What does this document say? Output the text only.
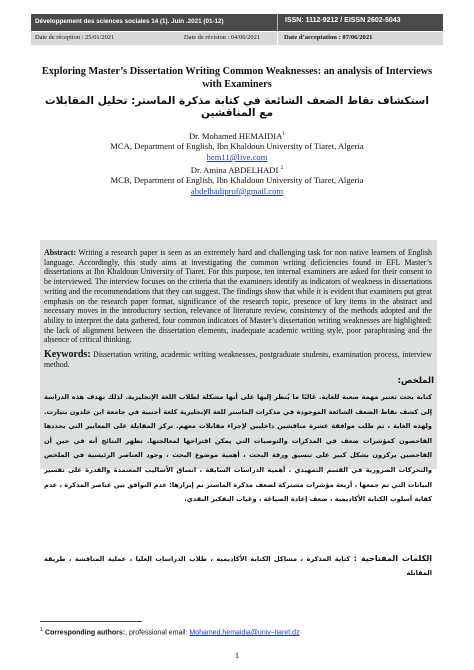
Développement des sciences sociales 14 (1). Juin .2021 (01-12)	ISSN: 1112-9212 / EISSN 2602-5043
Date de réception : 25/01/2021	Date de révision : 04/06/2021	Date d’acceptation : 07/06/2021
Exploring Master’s Dissertation Writing Common Weaknesses: an analysis of Interviews with Examiners
استكشاف نقاط الضعف الشائعة في كتابة مذكرة الماستر: تحليل المقابلات مع المناقشين
Dr. Mohamed HEMAIDIA$^1$
MCA, Department of English, Ibn Khaldoun University of Tiaret, Algeria
hem11@live.com
Dr. Amina ABDELHADI $^2$
MCB, Department of English, Ibn Khaldoun University of Tiaret, Algeria
abdelhadiprof@gmail.com
Abstract: Writing a research paper is seen as an extremely hard and challenging task for non native learners of English language. Accordingly, this study aims at investigating the common writing deficiencies found in EFL Master’s dissertations at Ibn Khaldoun University of Tiaret. For this purpose, ten internal examiners are asked for their consent to be interviewed. The interview focuses on the criteria that the examiners identify as indicators of weakness in dissertations writing and the recommendations that they can suggest. The findings show that while it is evident that examiners put great emphasis on the research paper format, significance of the research topic, presence of key items in the abstract and necessary moves in the introductory section, relevance of literature review, consistency of the methods adopted and the ability to interpret the data gathered, four common indicators of Master’s dissertation writing weaknesses are highlighted: the lack of alignment between the dissertation elements, inadequate academic writing style, poor paraphrasing and the absence of critical thinking.
Keywords: Dissertation writing, academic writing weaknesses, postgraduate students, examination process, interview method.
الملخص:
كتابة بحث تعتبر مهمة صعبة للغاية. غالبًا ما يُنظر إليها على أنها مشكلة لطلاب اللغة الإنجليزية. لذلك تهدف هذه الدراسة إلى كشف نقاط الضعف الشائعة الموجودة في مذكرات الماستر للغة الإنجليزية كلغة أجنبية في جامعة ابن خلدون بتيارت. ولهذه الغاية ، تم طلب موافقة عشرة مناقشين داخليين لإجراء مقابلات معهم. تركز المقابلة على المعايير التي يحددها الفاحصون كمؤشرات ضعف في المذكرات والتوصيات التي يمكن اقتراحها لمعالجتها. تظهر النتائج أنه في حين أن الفاحصين يركزون بشكل كبير على تنسيق ورقة البحث ، أهمية موضوع البحث ، وجود العناصر الرئيسية في الملخص والتحركات الضرورية في القسم التمهيدي ، أهمية الدراسات السابقة ، اتساق الأساليب المعتمدة والقدرة على تفسير البيانات التي تم جمعها ، أربعة مؤشرات مشتركة لضعف مذكرة الماستر تم إبرازها: عدم التوافق بين عناصر المذكرة ، عدم كفاية أسلوب الكتابة الأكاديمية ، ضعف إعادة الصياغة ، وغياب التفكير النقدي.
الكلمات المفتاحية : كتابة المذكرة ، مشاكل الكتابة الأكاديمية ، طلاب الدراسات العليا ، عملية المناقشة ، طريقة المقابلة
$^1$ Corresponding authors:, professional email: Mohamed.hemaidia@univ–tiaret.dz
1
